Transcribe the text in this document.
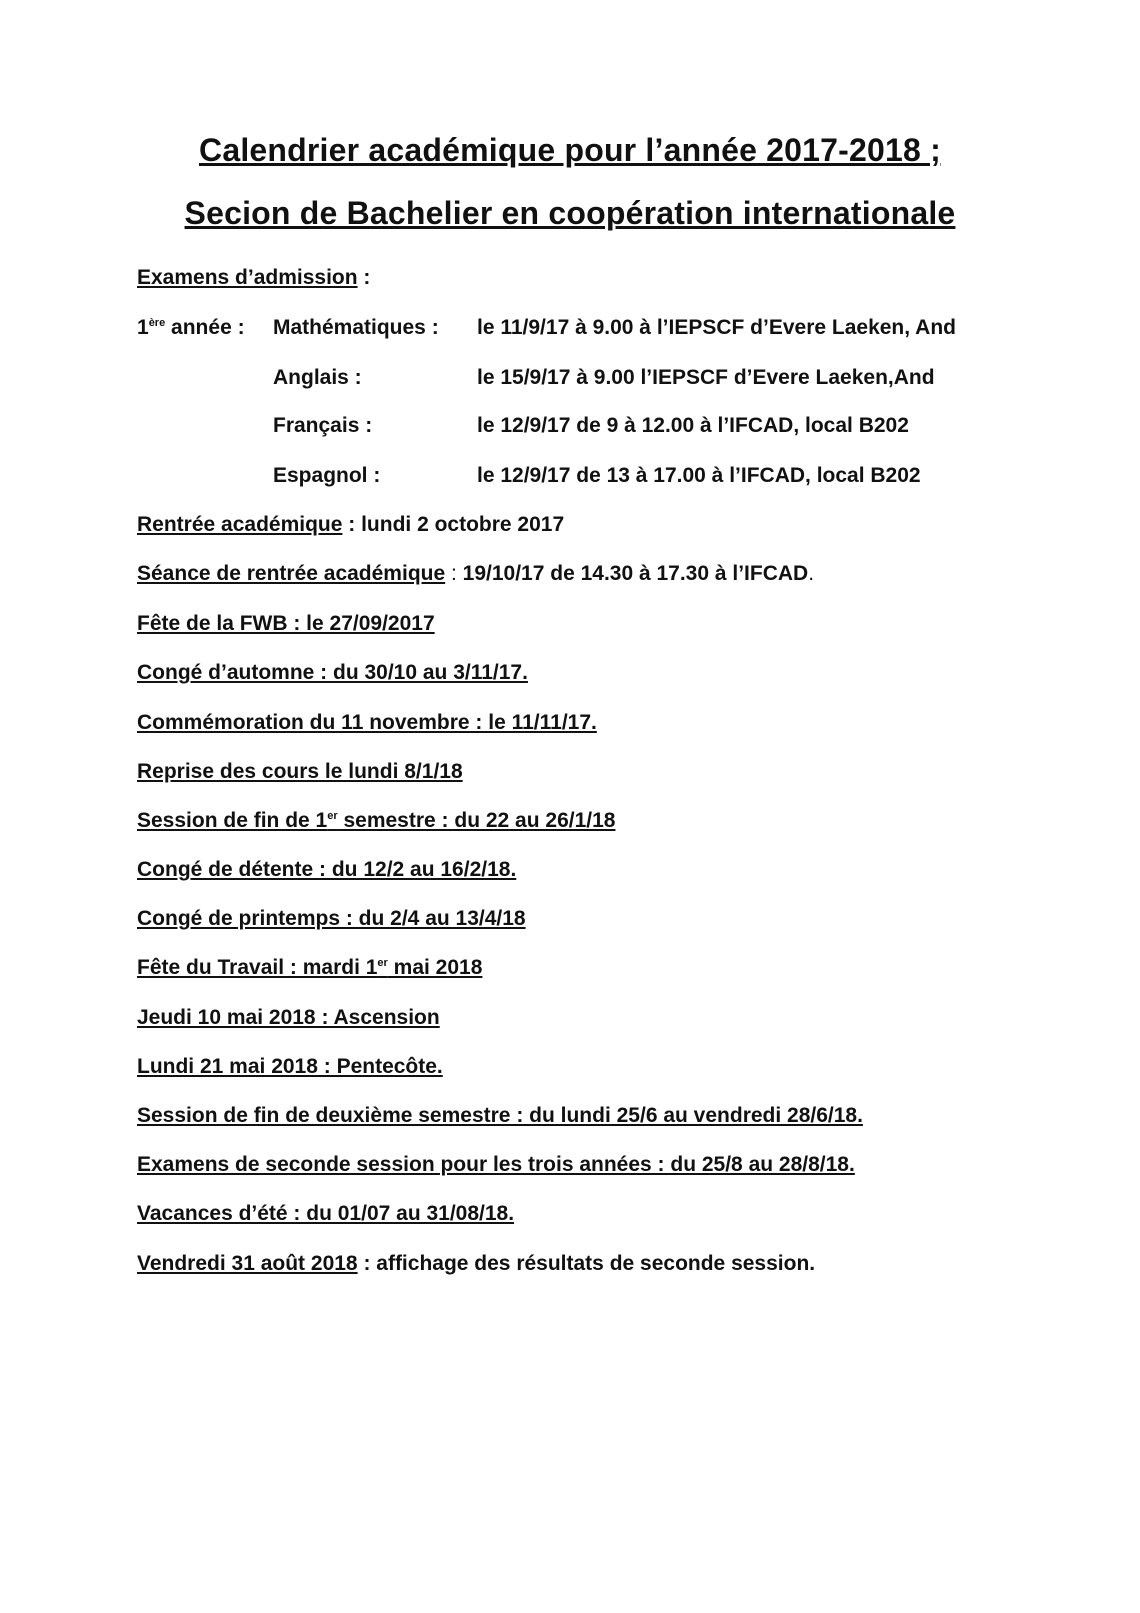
Calendrier académique pour l’année 2017-2018 ;
Secion de Bachelier en coopération internationale
Examens d’admission :
1ère année : Mathématiques : le 11/9/17 à 9.00 à l’IEPSCF d’Evere Laeken, And
Anglais :	le 15/9/17 à 9.00 l’IEPSCF d’Evere Laeken,And
Français :	le 12/9/17 de 9 à 12.00 à l’IFCAD, local B202
Espagnol :	le 12/9/17 de 13 à 17.00 à l’IFCAD, local B202
Rentrée académique : lundi 2 octobre 2017
Séance de rentrée académique : 19/10/17 de 14.30 à 17.30 à l’IFCAD.
Fête de la FWB : le 27/09/2017
Congé d’automne : du 30/10 au 3/11/17.
Commémoration du 11 novembre : le 11/11/17.
Reprise des cours le lundi 8/1/18
Session de fin de 1er semestre : du 22 au 26/1/18
Congé de détente : du 12/2 au 16/2/18.
Congé de printemps : du 2/4 au 13/4/18
Fête du Travail : mardi 1er mai 2018
Jeudi 10 mai 2018 : Ascension
Lundi 21 mai 2018 : Pentecôte.
Session de fin de deuxième semestre : du lundi 25/6 au vendredi 28/6/18.
Examens de seconde session pour les trois années : du 25/8 au 28/8/18.
Vacances d’été : du 01/07 au 31/08/18.
Vendredi 31 août 2018 : affichage des résultats de seconde session.
